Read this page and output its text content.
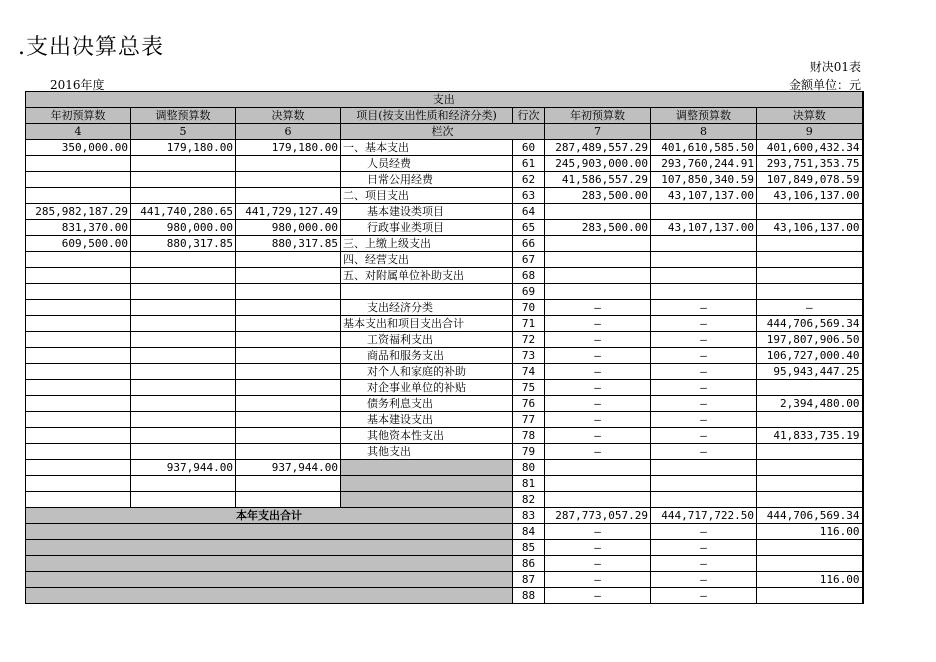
.支出决算总表
财决01表
2016年度	金额单位：元
支出							
年初预算数	调整预算数	决算数	项目(按支出性质和经济分类)	行次	年初预算数	调整预算数	决算数
4	5	6	栏次		7	8	9
350,000.00	179,180.00	179,180.00	一、基本支出	60	287,489,557.29	401,610,585.50	401,600,432.34
			人员经费	61	245,903,000.00	293,760,244.91	293,751,353.75
			日常公用经费	62	41,586,557.29	107,850,340.59	107,849,078.59
			二、项目支出	63	283,500.00	43,107,137.00	43,106,137.00
285,982,187.29	441,740,280.65	441,729,127.49	基本建设类项目	64			
831,370.00	980,000.00	980,000.00	行政事业类项目	65	283,500.00	43,107,137.00	43,106,137.00
609,500.00	880,317.85	880,317.85	三、上缴上级支出	66			
			四、经营支出	67			
			五、对附属单位补助支出	68			
				69			
			支出经济分类	70	—	—	—
			基本支出和项目支出合计	71	—	—	444,706,569.34
			工资福利支出	72	—	—	197,807,906.50
			商品和服务支出	73	—	—	106,727,000.40
			对个人和家庭的补助	74	—	—	95,943,447.25
			对企事业单位的补贴	75	—	—	
			债务利息支出	76	—	—	2,394,480.00
			基本建设支出	77	—	—	
			其他资本性支出	78	—	—	41,833,735.19
			其他支出	79	—	—	
	937,944.00	937,944.00		80			
				81			
				82			
本年支出合计				83	287,773,057.29	444,717,722.50	444,706,569.34
				84	—	—	116.00
				85	—	—	
				86	—	—	
				87	—	—	116.00
				88	—	—	
